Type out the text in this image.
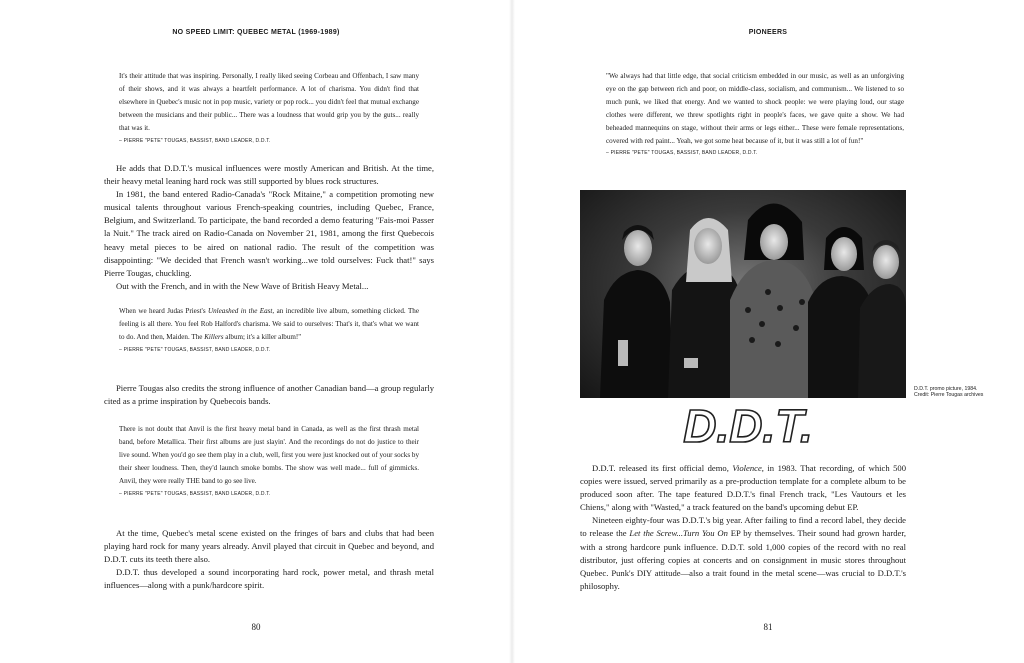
NO SPEED LIMIT: QUEBEC METAL (1969-1989)
It's their attitude that was inspiring. Personally, I really liked seeing Corbeau and Offenbach, I saw many of their shows, and it was always a heartfelt performance. A lot of charisma. You didn't find that elsewhere in Quebec's music not in pop music, variety or pop rock... you didn't feel that mutual exchange between the musicians and their public... There was a loudness that would grip you by the guts... really that was it.
– PIERRE "PETE" TOUGAS, BASSIST, BAND LEADER, D.D.T.

He adds that D.D.T.'s musical influences were mostly American and British. At the time, their heavy metal leaning hard rock was still supported by blues rock structures.

In 1981, the band entered Radio-Canada's "Rock Mitaine," a competition promoting new musical talents throughout various French-speaking countries, including Quebec, France, Belgium, and Switzerland. To participate, the band recorded a demo featuring "Fais-moi Passer la Nuit." The track aired on Radio-Canada on November 21, 1981, among the first Quebecois heavy metal pieces to be aired on national radio. The result of the competition was disappointing: "We decided that French wasn't working...we told ourselves: Fuck that!" says Pierre Tougas, chuckling.

Out with the French, and in with the New Wave of British Heavy Metal...

When we heard Judas Priest's Unleashed in the East, an incredible live album, something clicked. The feeling is all there. You feel Rob Halford's charisma. We said to ourselves: That's it, that's what we want to do. And then, Maiden. The Killers album; it's a killer album!"
– PIERRE "PETE" TOUGAS, BASSIST, BAND LEADER, D.D.T.

Pierre Tougas also credits the strong influence of another Canadian band—a group regularly cited as a prime inspiration by Quebecois bands.

There is not doubt that Anvil is the first heavy metal band in Canada, as well as the first thrash metal band, before Metallica. Their first albums are just slayin'. And the recordings do not do justice to their live sound. When you'd go see them play in a club, well, first you were just knocked out of your socks by their sheer loudness. Then, they'd launch smoke bombs. The show was well made... full of gimmicks. Anvil, they were really THE band to go see live.
– PIERRE "PETE" TOUGAS, BASSIST, BAND LEADER, D.D.T.

At the time, Quebec's metal scene existed on the fringes of bars and clubs that had been playing hard rock for many years already. Anvil played that circuit in Quebec and beyond, and D.D.T. cuts its teeth there also.

D.D.T. thus developed a sound incorporating hard rock, power metal, and thrash metal influences—along with a punk/hardcore spirit.

80
PIONEERS
"We always had that little edge, that social criticism embedded in our music, as well as an unforgiving eye on the gap between rich and poor, on middle-class, socialism, and communism... We listened to so much punk, we liked that energy. And we wanted to shock people: we were playing loud, our stage clothes were different, we threw spotlights right in people's faces, we gave quite a show. We had beheaded mannequins on stage, without their arms or legs either... These were female representations, covered with red paint... Yeah, we got some heat because of it, but it was still a lot of fun!"
– PIERRE "PETE" TOUGAS, BASSIST, BAND LEADER, D.D.T.
D.D.T. promo picture, 1984.
Credit: Pierre Tougas archives
D.D.T.

D.D.T. released its first official demo, Violence, in 1983. That recording, of which 500 copies were issued, served primarily as a pre-production template for a complete album to be produced soon after. The tape featured D.D.T.'s final French track, "Les Vautours et les Chiens," along with "Wasted," a track featured on the band's upcoming debut EP.

Nineteen eighty-four was D.D.T.'s big year. After failing to find a record label, they decide to release the Let the Screw...Turn You On EP by themselves. Their sound had grown harder, with a strong hardcore punk influence. D.D.T. sold 1,000 copies of the record with no real distributor, just offering copies at concerts and on consignment in music stores throughout Quebec. Punk's DIY attitude—also a trait found in the metal scene—was crucial to D.D.T.'s philosophy.

81
